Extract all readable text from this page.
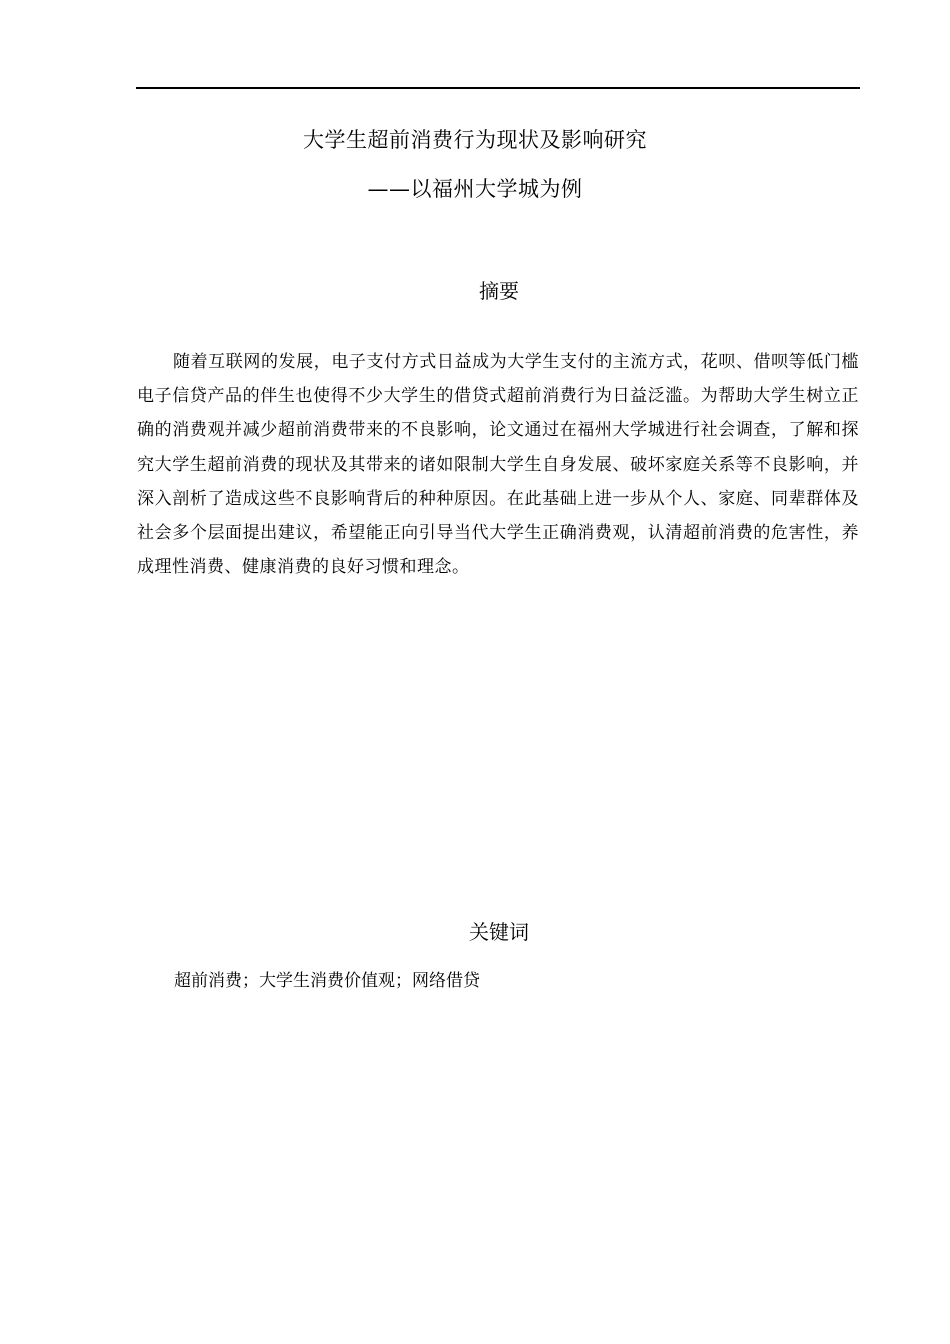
大学生超前消费行为现状及影响研究
——以福州大学城为例
摘要

随着互联网的发展，电子支付方式日益成为大学生支付的主流方式，花呗、借呗等低门槛电子信贷产品的伴生也使得不少大学生的借贷式超前消费行为日益泛滥。为帮助大学生树立正确的消费观并减少超前消费带来的不良影响，论文通过在福州大学城进行社会调查，了解和探究大学生超前消费的现状及其带来的诸如限制大学生自身发展、破坏家庭关系等不良影响，并深入剖析了造成这些不良影响背后的种种原因。在此基础上进一步从个人、家庭、同辈群体及社会多个层面提出建议，希望能正向引导当代大学生正确消费观，认清超前消费的危害性，养成理性消费、健康消费的良好习惯和理念。

关键词

超前消费；大学生消费价值观；网络借贷
